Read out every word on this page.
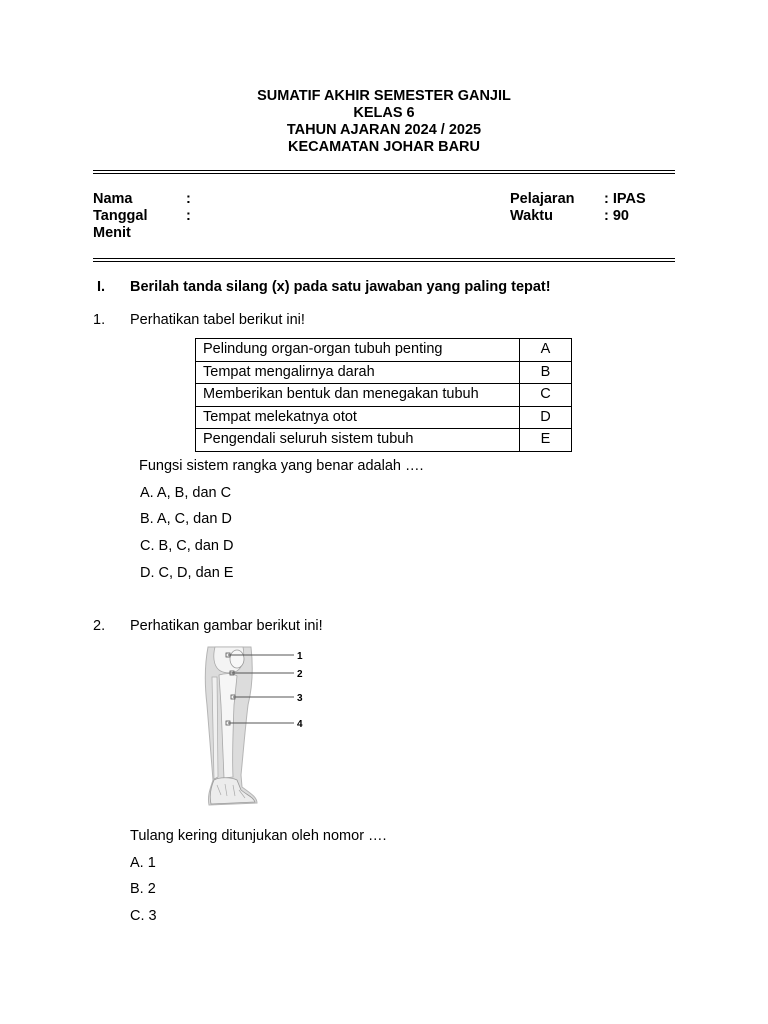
SUMATIF AKHIR SEMESTER GANJIL
KELAS 6
TAHUN AJARAN 2024 / 2025
KECAMATAN JOHAR BARU
Nama	:
Tanggal	:
Menit
Pelajaran : IPAS
Waktu	: 90
I. Berilah tanda silang (x) pada satu jawaban yang paling tepat!
1. Perhatikan tabel berikut ini!
Pelindung organ-organ tubuh penting	A
Tempat mengalirnya darah	B
Memberikan bentuk dan menegakan tubuh	C
Tempat melekatnya otot	D
Pengendali seluruh sistem tubuh	E
Fungsi sistem rangka yang benar adalah ….
A. A, B, dan C
B. A, C, dan D
C. B, C, dan D
D. C, D, dan E
2. Perhatikan gambar berikut ini!
1
2
3
4
Tulang kering ditunjukan oleh nomor ….
A. 1
B. 2
C. 3
